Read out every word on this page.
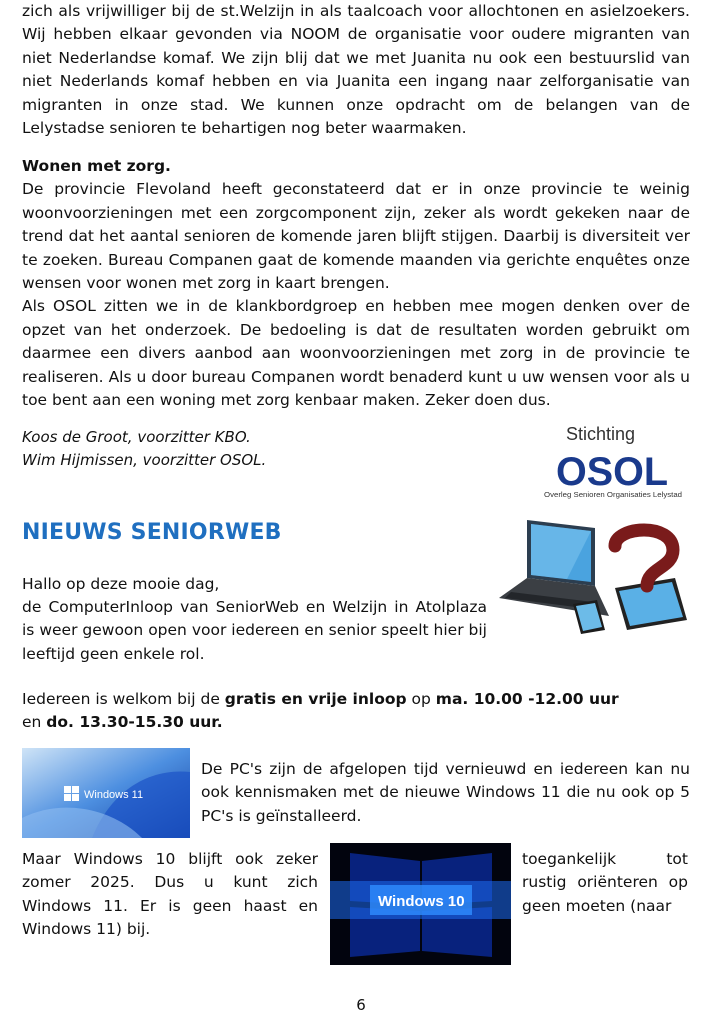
zich als vrijwilliger bij de st.Welzijn in als taalcoach voor allochtonen en asielzoekers. Wij hebben elkaar gevonden via NOOM de organisatie voor oudere migranten van niet Nederlandse komaf. We zijn blij dat we met Juanita nu ook een bestuurslid van niet Nederlands komaf hebben en via Juanita een ingang naar zelforganisatie van migranten in onze stad. We kunnen onze opdracht om de belangen van de Lelystadse senioren te behartigen nog beter waarmaken.

Wonen met zorg.
De provincie Flevoland heeft geconstateerd dat er in onze provincie te weinig woonvoorzieningen met een zorgcomponent zijn, zeker als wordt gekeken naar de trend dat het aantal senioren de komende jaren blijft stijgen. Daarbij is diversiteit ver te zoeken. Bureau Companen gaat de komende maanden via gerichte enquêtes onze wensen voor wonen met zorg in kaart brengen.
Als OSOL zitten we in de klankbordgroep en hebben mee mogen denken over de opzet van het onderzoek. De bedoeling is dat de resultaten worden gebruikt om daarmee een divers aanbod aan woonvoorzieningen met zorg in de provincie te realiseren. Als u door bureau Companen wordt benaderd kunt u uw wensen voor als u toe bent aan een woning met zorg kenbaar maken. Zeker doen dus.

Koos de Groot, voorzitter KBO.
Wim Hijmissen, voorzitter OSOL.

Stichting
OSOL
Overleg Senioren Organisaties Lelystad
NIEUWS SENIORWEB

Hallo op deze mooie dag,

de ComputerInloop van SeniorWeb en Welzijn in Atolplaza is weer gewoon open voor iedereen en senior speelt hier bij leeftijd geen enkele rol.

Iedereen is welkom bij de gratis en vrije inloop op ma. 10.00 -12.00 uur
en do. 13.30-15.30 uur.

Windows 11

De PC's zijn de afgelopen tijd vernieuwd en iedereen kan nu ook kennismaken met de nieuwe Windows 11 die nu ook op 5 PC's is geïnstalleerd.

Maar Windows 10 blijft ook zeker zomer 2025. Dus u kunt zich Windows 11. Er is geen haast en Windows 11) bij.

Windows 10

toegankelijk tot rustig oriënteren op geen moeten (naar

6
